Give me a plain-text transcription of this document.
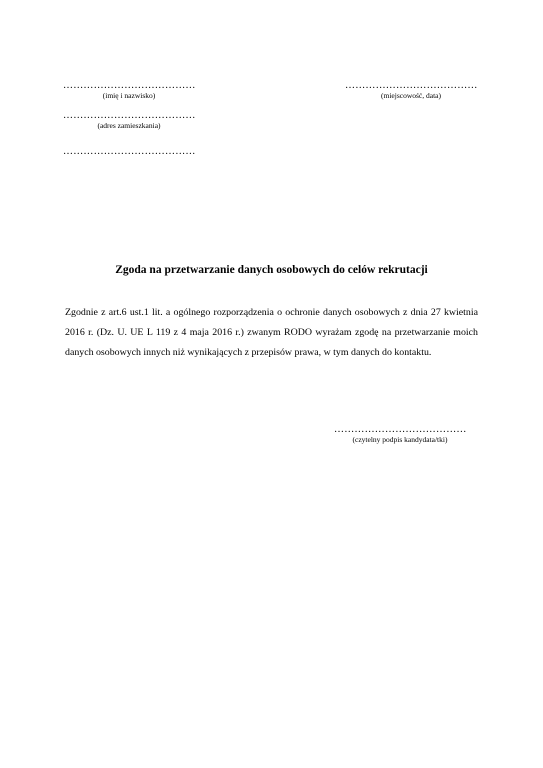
…………………………………
(imię i nazwisko)
…………………………………
(miejscowość, data)
…………………………………
(adres zamieszkania)
…………………………………
Zgoda na przetwarzanie danych osobowych do celów rekrutacji
Zgodnie z art.6 ust.1 lit. a ogólnego rozporządzenia o ochronie danych osobowych z dnia 27 kwietnia 2016 r. (Dz. U. UE L 119 z 4 maja 2016 r.) zwanym RODO wyrażam zgodę na przetwarzanie moich danych osobowych innych niż wynikających z przepisów prawa, w tym danych do kontaktu.
…………………………………
(czytelny podpis kandydata/tki)
